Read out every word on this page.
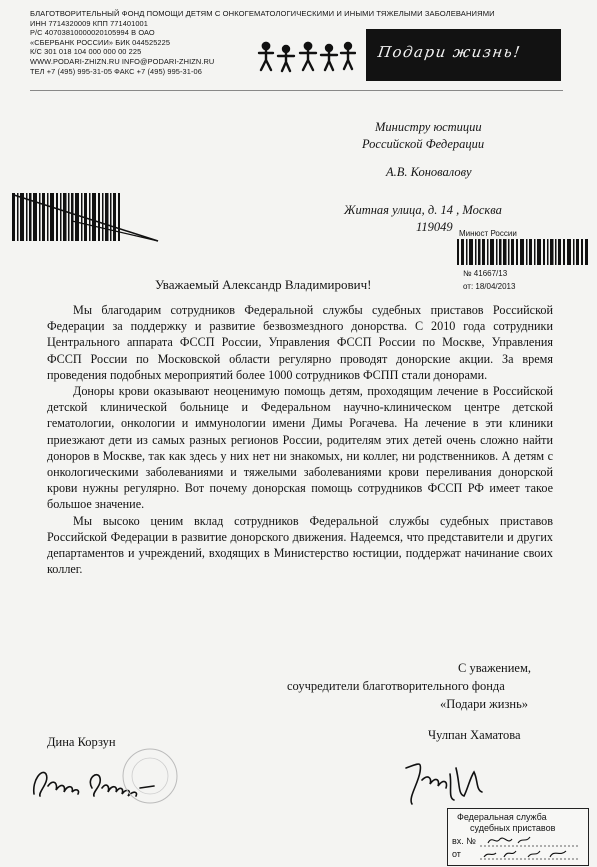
БЛАГОТВОРИТЕЛЬНЫЙ ФОНД ПОМОЩИ ДЕТЯМ С ОНКОГЕМАТОЛОГИЧЕСКИМИ И ИНЫМИ ТЯЖЕЛЫМИ ЗАБОЛЕВАНИЯМИ
ИНН 7714320009 КПП 771401001
Р/С 40703810000020105994 В ОАО
«СБЕРБАНК РОССИИ» БИК 044525225
К/С 301 018 104 000 000 00 225
WWW.PODARI-ZHIZN.RU INFO@PODARI-ZHIZN.RU
ТЕЛ +7 (495) 995-31-05 ФАКС +7 (495) 995-31-06
Подари жизнь!
Министру юстиции
Российской Федерации
А.В. Коновалову
Житная улица, д. 14 , Москва
119049 Минюст России
№ 41667/13
от: 18/04/2013
Уважаемый Александр Владимирович!

Мы благодарим сотрудников Федеральной службы судебных приставов Российской Федерации за поддержку и развитие безвозмездного донорства. С 2010 года сотрудники Центрального аппарата ФССП России, Управления ФССП России по Москве, Управления ФССП России по Московской области регулярно проводят донорские акции. За время проведения подобных мероприятий более 1000 сотрудников ФСПП стали донорами.

Доноры крови оказывают неоценимую помощь детям, проходящим лечение в Российской детской клинической больнице и Федеральном научно-клиническом центре детской гематологии, онкологии и иммунологии имени Димы Рогачева. На лечение в эти клиники приезжают дети из самых разных регионов России, родителям этих детей очень сложно найти доноров в Москве, так как здесь у них нет ни знакомых, ни коллег, ни родственников. А детям с онкологическими заболеваниями и тяжелыми заболеваниями крови переливания донорской крови нужны регулярно. Вот почему донорская помощь сотрудников ФССП РФ имеет такое большое значение.

Мы высоко ценим вклад сотрудников Федеральной службы судебных приставов Российской Федерации в развитие донорского движения. Надеемся, что представители и других департаментов и учреждений, входящих в Министерство юстиции, поддержат начинание своих коллег.

С уважением,
соучредители благотворительного фонда
«Подари жизнь»
Дина Корзун	Чулпан Хаматова
Федеральная служба
судебных приставов
вх. №
от
